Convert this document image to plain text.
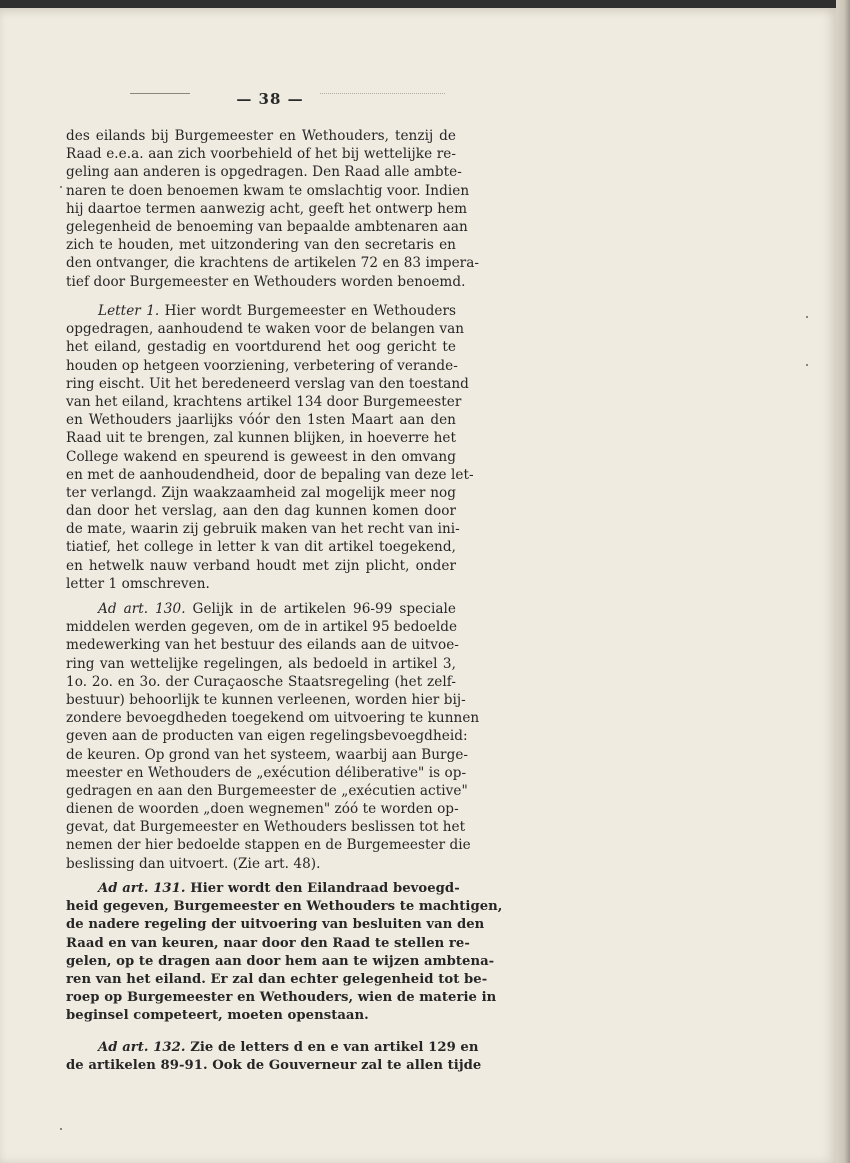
— 38 —
des eilands bij Burgemeester en Wethouders, tenzij de
Raad e.e.a. aan zich voorbehield of het bij wettelijke re-
geling aan anderen is opgedragen. Den Raad alle ambte-
naren te doen benoemen kwam te omslachtig voor. Indien
hij daartoe termen aanwezig acht, geeft het ontwerp hem
gelegenheid de benoeming van bepaalde ambtenaren aan
zich te houden, met uitzondering van den secretaris en
den ontvanger, die krachtens de artikelen 72 en 83 impera-
tief door Burgemeester en Wethouders worden benoemd.
Letter 1. Hier wordt Burgemeester en Wethouders
opgedragen, aanhoudend te waken voor de belangen van
het eiland, gestadig en voortdurend het oog gericht te
houden op hetgeen voorziening, verbetering of verande-
ring eischt. Uit het beredeneerd verslag van den toestand
van het eiland, krachtens artikel 134 door Burgemeester
en Wethouders jaarlijks vóór den 1sten Maart aan den
Raad uit te brengen, zal kunnen blijken, in hoeverre het
College wakend en speurend is geweest in den omvang
en met de aanhoudendheid, door de bepaling van deze let-
ter verlangd. Zijn waakzaamheid zal mogelijk meer nog
dan door het verslag, aan den dag kunnen komen door
de mate, waarin zij gebruik maken van het recht van ini-
tiatief, het college in letter k van dit artikel toegekend,
en hetwelk nauw verband houdt met zijn plicht, onder
letter 1 omschreven.
Ad art. 130. Gelijk in de artikelen 96-99 speciale
middelen werden gegeven, om de in artikel 95 bedoelde
medewerking van het bestuur des eilands aan de uitvoe-
ring van wettelijke regelingen, als bedoeld in artikel 3,
1o. 2o. en 3o. der Curaçaosche Staatsregeling (het zelf-
bestuur) behoorlijk te kunnen verleenen, worden hier bij-
zondere bevoegdheden toegekend om uitvoering te kunnen
geven aan de producten van eigen regelingsbevoegdheid:
de keuren. Op grond van het systeem, waarbij aan Burge-
meester en Wethouders de „exécution déliberative" is op-
gedragen en aan den Burgemeester de „exécutien active"
dienen de woorden „doen wegnemen" zóó te worden op-
gevat, dat Burgemeester en Wethouders beslissen tot het
nemen der hier bedoelde stappen en de Burgemeester die
beslissing dan uitvoert. (Zie art. 48).
Ad art. 131. Hier wordt den Eilandraad bevoegd-
heid gegeven, Burgemeester en Wethouders te machtigen,
de nadere regeling der uitvoering van besluiten van den
Raad en van keuren, naar door den Raad te stellen re-
gelen, op te dragen aan door hem aan te wijzen ambtena-
ren van het eiland. Er zal dan echter gelegenheid tot be-
roep op Burgemeester en Wethouders, wien de materie in
beginsel competeert, moeten openstaan.
Ad art. 132. Zie de letters d en e van artikel 129 en
de artikelen 89-91. Ook de Gouverneur zal te allen tijde
